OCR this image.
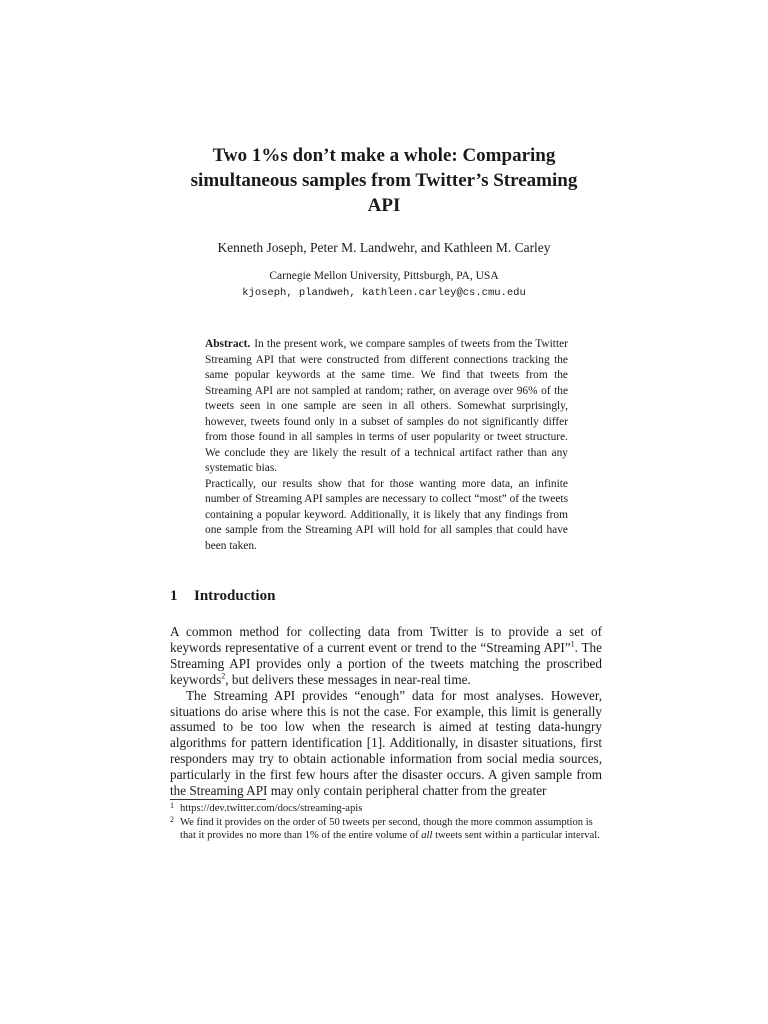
Two 1%s don’t make a whole: Comparing
simultaneous samples from Twitter’s Streaming
API
Kenneth Joseph, Peter M. Landwehr, and Kathleen M. Carley
Carnegie Mellon University, Pittsburgh, PA, USA
kjoseph, plandweh, kathleen.carley@cs.cmu.edu

Abstract. In the present work, we compare samples of tweets from the Twitter Streaming API that were constructed from different connections tracking the same popular keywords at the same time. We find that tweets from the Streaming API are not sampled at random; rather, on average over 96% of the tweets seen in one sample are seen in all others. Somewhat surprisingly, however, tweets found only in a subset of samples do not significantly differ from those found in all samples in terms of user popularity or tweet structure. We conclude they are likely the result of a technical artifact rather than any systematic bias.

Practically, our results show that for those wanting more data, an infinite number of Streaming API samples are necessary to collect “most” of the tweets containing a popular keyword. Additionally, it is likely that any findings from one sample from the Streaming API will hold for all samples that could have been taken.

1 Introduction

A common method for collecting data from Twitter is to provide a set of keywords representative of a current event or trend to the “Streaming API”$^1$. The Streaming API provides only a portion of the tweets matching the proscribed keywords$^2$, but delivers these messages in near-real time.

The Streaming API provides “enough” data for most analyses. However, situations do arise where this is not the case. For example, this limit is generally assumed to be too low when the research is aimed at testing data-hungry algorithms for pattern identification [1]. Additionally, in disaster situations, first responders may try to obtain actionable information from social media sources, particularly in the first few hours after the disaster occurs. A given sample from the Streaming API may only contain peripheral chatter from the greater

1 https://dev.twitter.com/docs/streaming-apis
2 We find it provides on the order of 50 tweets per second, though the more common assumption is that it provides no more than 1% of the entire volume of all tweets sent within a particular interval.
